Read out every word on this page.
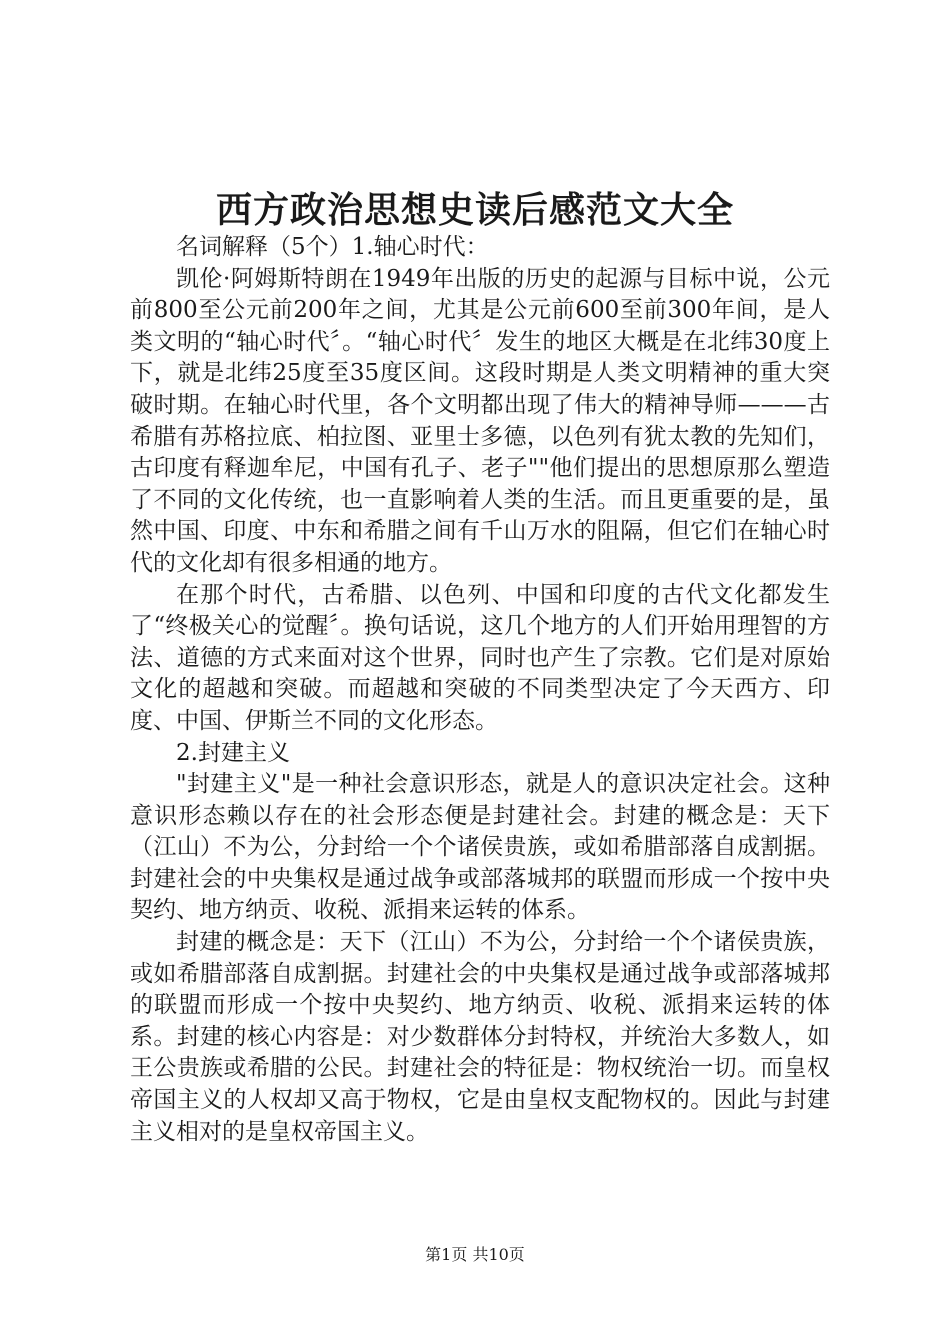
西方政治思想史读后感范文大全

名词解释（5个）1.轴心时代：

凯伦·阿姆斯特朗在1949年出版的历史的起源与目标中说，公元前800至公元前200年之间，尤其是公元前600至前300年间，是人类文明的“轴心时代〞。“轴心时代〞发生的地区大概是在北纬30度上下，就是北纬25度至35度区间。这段时期是人类文明精神的重大突破时期。在轴心时代里，各个文明都出现了伟大的精神导师———古希腊有苏格拉底、柏拉图、亚里士多德，以色列有犹太教的先知们，古印度有释迦牟尼，中国有孔子、老子""他们提出的思想原那么塑造了不同的文化传统，也一直影响着人类的生活。而且更重要的是，虽然中国、印度、中东和希腊之间有千山万水的阻隔，但它们在轴心时代的文化却有很多相通的地方。

在那个时代，古希腊、以色列、中国和印度的古代文化都发生了“终极关心的觉醒〞。换句话说，这几个地方的人们开始用理智的方法、道德的方式来面对这个世界，同时也产生了宗教。它们是对原始文化的超越和突破。而超越和突破的不同类型决定了今天西方、印度、中国、伊斯兰不同的文化形态。

2.封建主义

"封建主义"是一种社会意识形态，就是人的意识决定社会。这种意识形态赖以存在的社会形态便是封建社会。封建的概念是：天下（江山）不为公，分封给一个个诸侯贵族，或如希腊部落自成割据。封建社会的中央集权是通过战争或部落城邦的联盟而形成一个按中央契约、地方纳贡、收税、派捐来运转的体系。

封建的概念是：天下（江山）不为公，分封给一个个诸侯贵族，或如希腊部落自成割据。封建社会的中央集权是通过战争或部落城邦的联盟而形成一个按中央契约、地方纳贡、收税、派捐来运转的体系。封建的核心内容是：对少数群体分封特权，并统治大多数人，如王公贵族或希腊的公民。封建社会的特征是：物权统治一切。而皇权帝国主义的人权却又高于物权，它是由皇权支配物权的。因此与封建主义相对的是皇权帝国主义。

第1页 共10页
